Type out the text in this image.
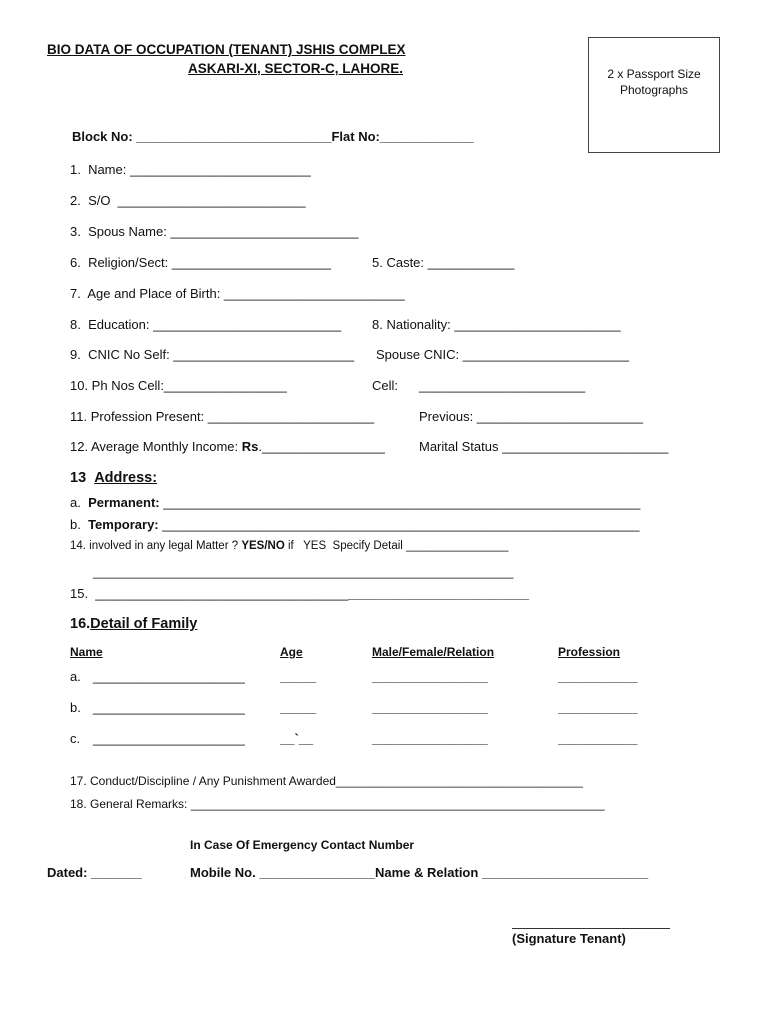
BIO DATA OF OCCUPATION (TENANT) JSHIS COMPLEX
ASKARI-XI, SECTOR-C, LAHORE.	2 x Passport Size
Photographs
Block No: ___________________________Flat No:_____________
1.  Name: _________________________
2.  S/O  __________________________
3.  Spous Name: __________________________
6.  Religion/Sect: ______________________	5. Caste: ____________
7.  Age and Place of Birth: _________________________
8.  Education: __________________________ 8. Nationality: _______________________
9.  CNIC No Self: _________________________ Spouse CNIC: _______________________
10. Ph Nos Cell:_________________	Cell: _______________________
11. Profession Present: _______________________	Previous: _______________________
12. Average Monthly Income: Rs._________________	Marital Status _______________________
13 Address:
a. Permanent: __________________________________________________________________
b. Temporary: __________________________________________________________________
14. involved in any legal Matter ? YES/NO if   YES  Specify Detail ________________
_______________________________________________________________
15.  ____________________________________________________________
16.Detail of Family
Name	Age	Male/Female/Relation	Profession
a. _____________________	_____	________________	___________
b. _____________________	_____	________________	___________
c. _____________________	__`__	________________	___________
17. Conduct/Discipline / Any Punishment Awarded_____________________________________
18. General Remarks: ______________________________________________________________
In Case Of Emergency Contact Number
Dated: _______	Mobile No. ________________Name & Relation _______________________
(Signature Tenant)
